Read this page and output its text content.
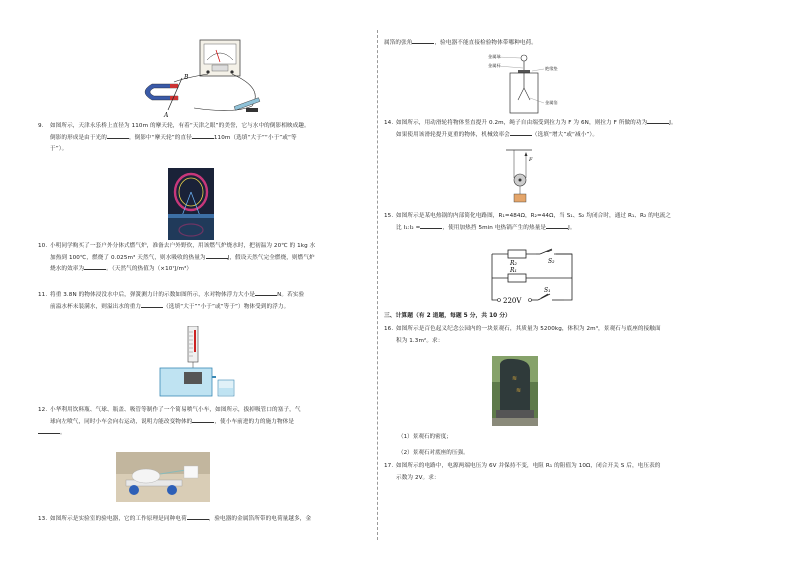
B
A
9. 如图所示，天津永乐桥上直径为 110m 的摩天轮，有着“天津之眼”的美誉，它与水中的倒影相映成趣。
倒影的形成是由于光的	，倒影中“摩天轮”的直径	110m（选填“大于”“小于”或“等
于”）。
10. 小明同学购买了一套户外分体式燃气炉，准备去户外野炊，用该燃气炉烧水时，把初温为 20℃ 的 1kg 水
加热到 100℃，燃烧了 0.025m³ 天然气，则水吸收的热量为	J，假设天然气完全燃烧，则燃气炉
烧水的效率为	。（天然气的热值为（×10⁷J/m³）
11. 将重 3.8N 的物体浸没水中后，弹簧测力计的示数如图所示，水对物体浮力大小是	N。若实验
前溢水杯未装满水，则溢出水的重力	（选填“大于”“小于”或“等于”）物体受到的浮力。
12. 小华利用饮料瓶、气球、瓶盖、吸管等制作了一个简易喷气小车，如图所示，拔掉吸管口的塞子，气
球向左喷气，同时小车会向右运动，说明力能改变物体的	，使小车前进的力的施力物体是
。
13. 如图所示是实验室的验电器，它的工作原理是同种电荷	，验电器的金属箔所带的电荷量越多，金
属箔的张角	，验电器不能直接检验物体带哪种电荷。
金属球
金属杆
绝缘垫
金属箔
14. 如图所示，用动滑轮将物体竖直提升 0.2m，绳子自由端受到拉力为 F 为 6N，则拉力 F 所做的功为	J。
如果使用该滑轮提升更重的物体，机械效率会	（选填“增大”或“减小”）。
F
15. 如图所示是某电热锅的内部简化电路图，R₁=484Ω，R₂=44Ω，当 S₁、S₂ 均闭合时，通过 R₁、R₂ 的电流之
比 I₁:I₂ =	，使用加热挡 5min 电热锅产生的热量是	J。
R₂	S₂
R₁
220V
S₁
三、计算题（有 2 道题，每题 5 分，共 10 分）
16. 如图所示是百色起义纪念公园内的一块景观石，其质量为 5200kg，体积为 2m³，景观石与底座的接触面
积为 1.3m²。求：
≋
≋
（1）景观石的密度；
（2）景观石对底座的压强。
17. 如图所示的电路中，电源两端电压为 6V 并保持不变，电阻 R₁ 的阻值为 10Ω，闭合开关 S 后，电压表的
示数为 2V。求：
